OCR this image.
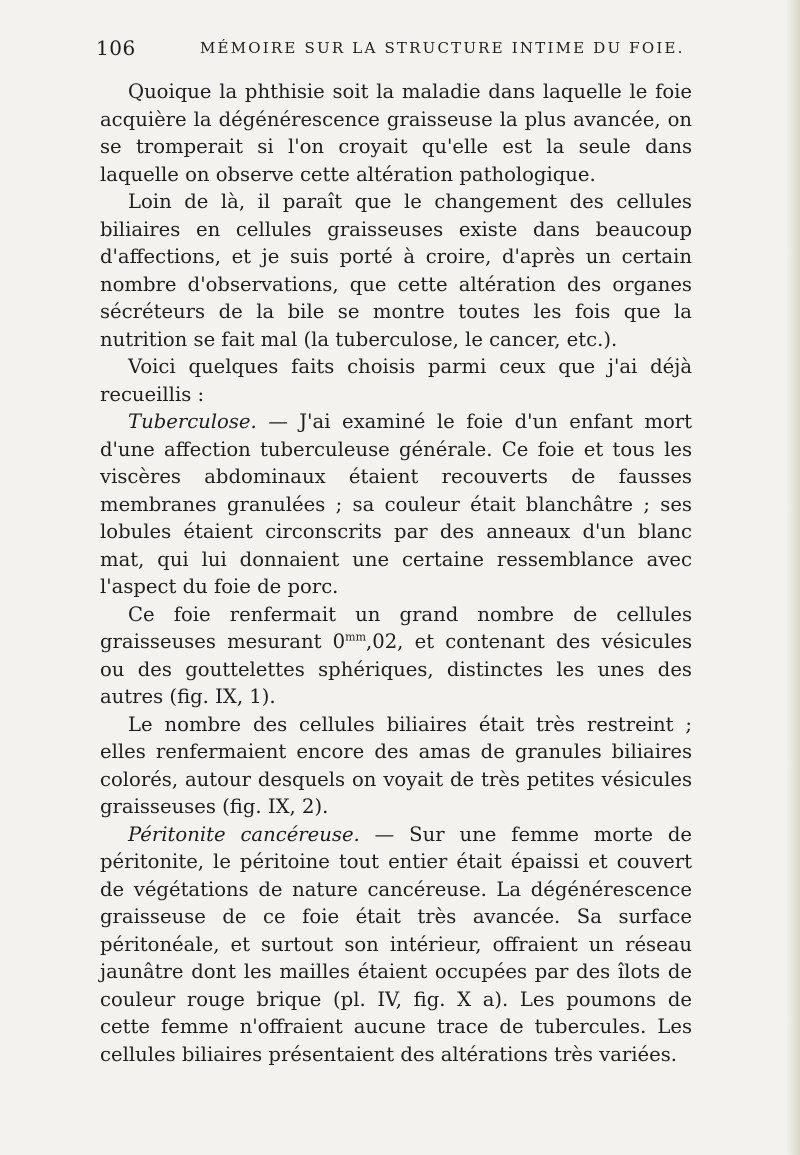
106	MÉMOIRE SUR LA STRUCTURE INTIME DU FOIE.

Quoique la phthisie soit la maladie dans laquelle le foie acquière la dégénérescence graisseuse la plus avancée, on se tromperait si l'on croyait qu'elle est la seule dans laquelle on observe cette altération pathologique.

Loin de là, il paraît que le changement des cellules biliaires en cellules graisseuses existe dans beaucoup d'affections, et je suis porté à croire, d'après un certain nombre d'observations, que cette altération des organes sécréteurs de la bile se montre toutes les fois que la nutrition se fait mal (la tuberculose, le cancer, etc.).

Voici quelques faits choisis parmi ceux que j'ai déjà recueillis :

Tuberculose. — J'ai examiné le foie d'un enfant mort d'une affection tuberculeuse générale. Ce foie et tous les viscères abdominaux étaient recouverts de fausses membranes granulées ; sa couleur était blanchâtre ; ses lobules étaient circonscrits par des anneaux d'un blanc mat, qui lui donnaient une certaine ressemblance avec l'aspect du foie de porc.

Ce foie renfermait un grand nombre de cellules graisseuses mesurant $0^{mm},02$, et contenant des vésicules ou des gouttelettes sphériques, distinctes les unes des autres (fig. IX, 1).

Le nombre des cellules biliaires était très restreint ; elles renfermaient encore des amas de granules biliaires colorés, autour desquels on voyait de très petites vésicules graisseuses (fig. IX, 2).

Péritonite cancéreuse. — Sur une femme morte de péritonite, le péritoine tout entier était épaissi et couvert de végétations de nature cancéreuse. La dégénérescence graisseuse de ce foie était très avancée. Sa surface péritonéale, et surtout son intérieur, offraient un réseau jaunâtre dont les mailles étaient occupées par des îlots de couleur rouge brique (pl. IV, fig. X a). Les poumons de cette femme n'offraient aucune trace de tubercules. Les cellules biliaires présentaient des altérations très variées.
